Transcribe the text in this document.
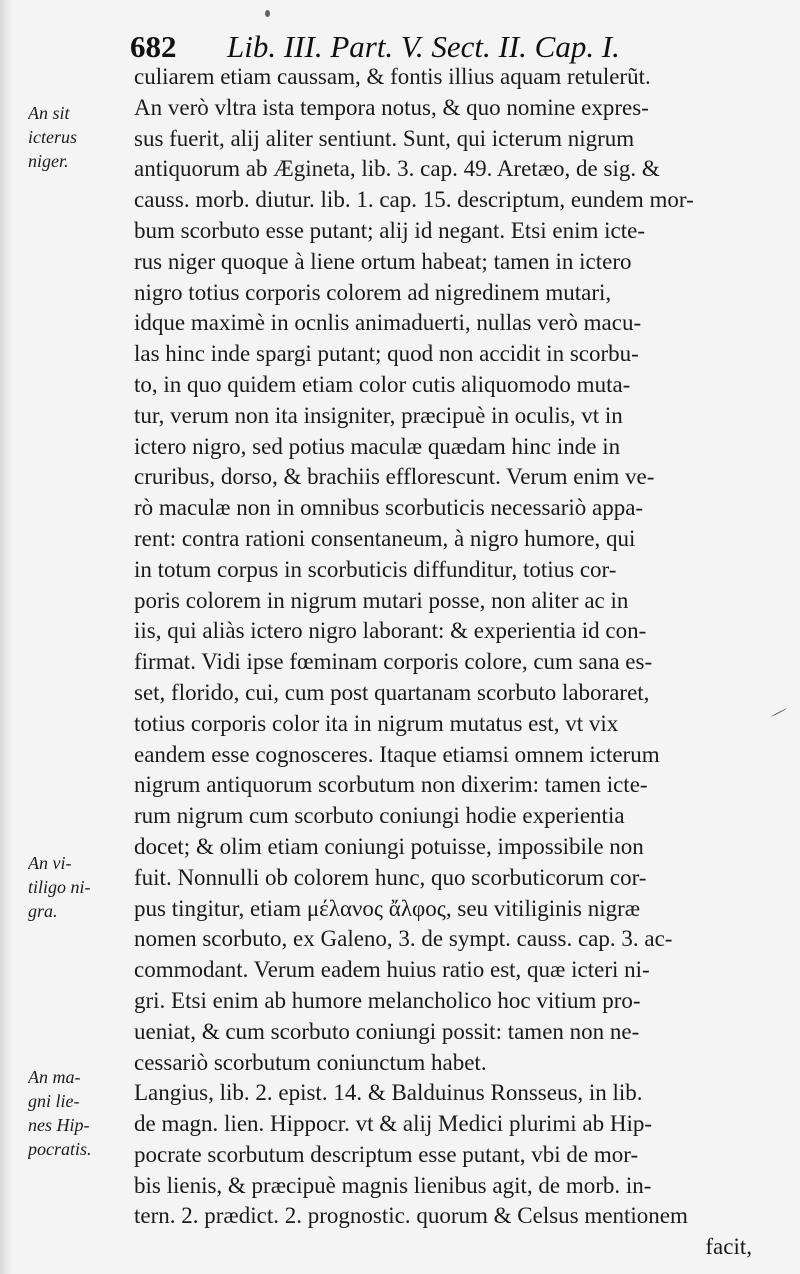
682 Lib. III. Part. V. Sect. II. Cap. I.
culiarem etiam caussam, & fontis illius aquam retulerũt.
An verò vltra ista tempora notus, & quo nomine expres-
sus fuerit, alij aliter sentiunt. Sunt, qui icterum nigrum
antiquorum ab Ægineta, lib. 3. cap. 49. Aretæo, de sig. &
causs. morb. diutur. lib. 1. cap. 15. descriptum, eundem mor-
bum scorbuto esse putant; alij id negant. Etsi enim icte-
rus niger quoque à liene ortum habeat; tamen in ictero
nigro totius corporis colorem ad nigredinem mutari,
idque maximè in ocnlis animaduerti, nullas verò macu-
las hinc inde spargi putant; quod non accidit in scorbu-
to, in quo quidem etiam color cutis aliquomodo muta-
tur, verum non ita insigniter, præcipuè in oculis, vt in
ictero nigro, sed potius maculæ quædam hinc inde in
cruribus, dorso, & brachiis efflorescunt. Verum enim ve-
rò maculæ non in omnibus scorbuticis necessariò appa-
rent: contra rationi consentaneum, à nigro humore, qui
in totum corpus in scorbuticis diffunditur, totius cor-
poris colorem in nigrum mutari posse, non aliter ac in
iis, qui aliàs ictero nigro laborant: & experientia id con-
firmat. Vidi ipse fœminam corporis colore, cum sana es-
set, florido, cui, cum post quartanam scorbuto laboraret,
totius corporis color ita in nigrum mutatus est, vt vix
eandem esse cognosceres. Itaque etiamsi omnem icterum
nigrum antiquorum scorbutum non dixerim: tamen icte-
rum nigrum cum scorbuto coniungi hodie experientia
docet; & olim etiam coniungi potuisse, impossibile non
fuit. Nonnulli ob colorem hunc, quo scorbuticorum cor-
pus tingitur, etiam μέλανος ἄλφος, seu vitiliginis nigræ
nomen scorbuto, ex Galeno, 3. de sympt. causs. cap. 3. ac-
commodant. Verum eadem huius ratio est, quæ icteri ni-
gri. Etsi enim ab humore melancholico hoc vitium pro-
ueniat, & cum scorbuto coniungi possit: tamen non ne-
cessariò scorbutum coniunctum habet.
Langius, lib. 2. epist. 14. & Balduinus Ronsseus, in lib.
de magn. lien. Hippocr. vt & alij Medici plurimi ab Hip-
pocrate scorbutum descriptum esse putant, vbi de mor-
bis lienis, & præcipuè magnis lienibus agit, de morb. in-
tern. 2. prædict. 2. prognostic. quorum & Celsus mentionem
facit,
An sit
icterus
niger.
An vi-
tiligo ni-
gra.
An ma-
gni lie-
nes Hip-
pocratis.
